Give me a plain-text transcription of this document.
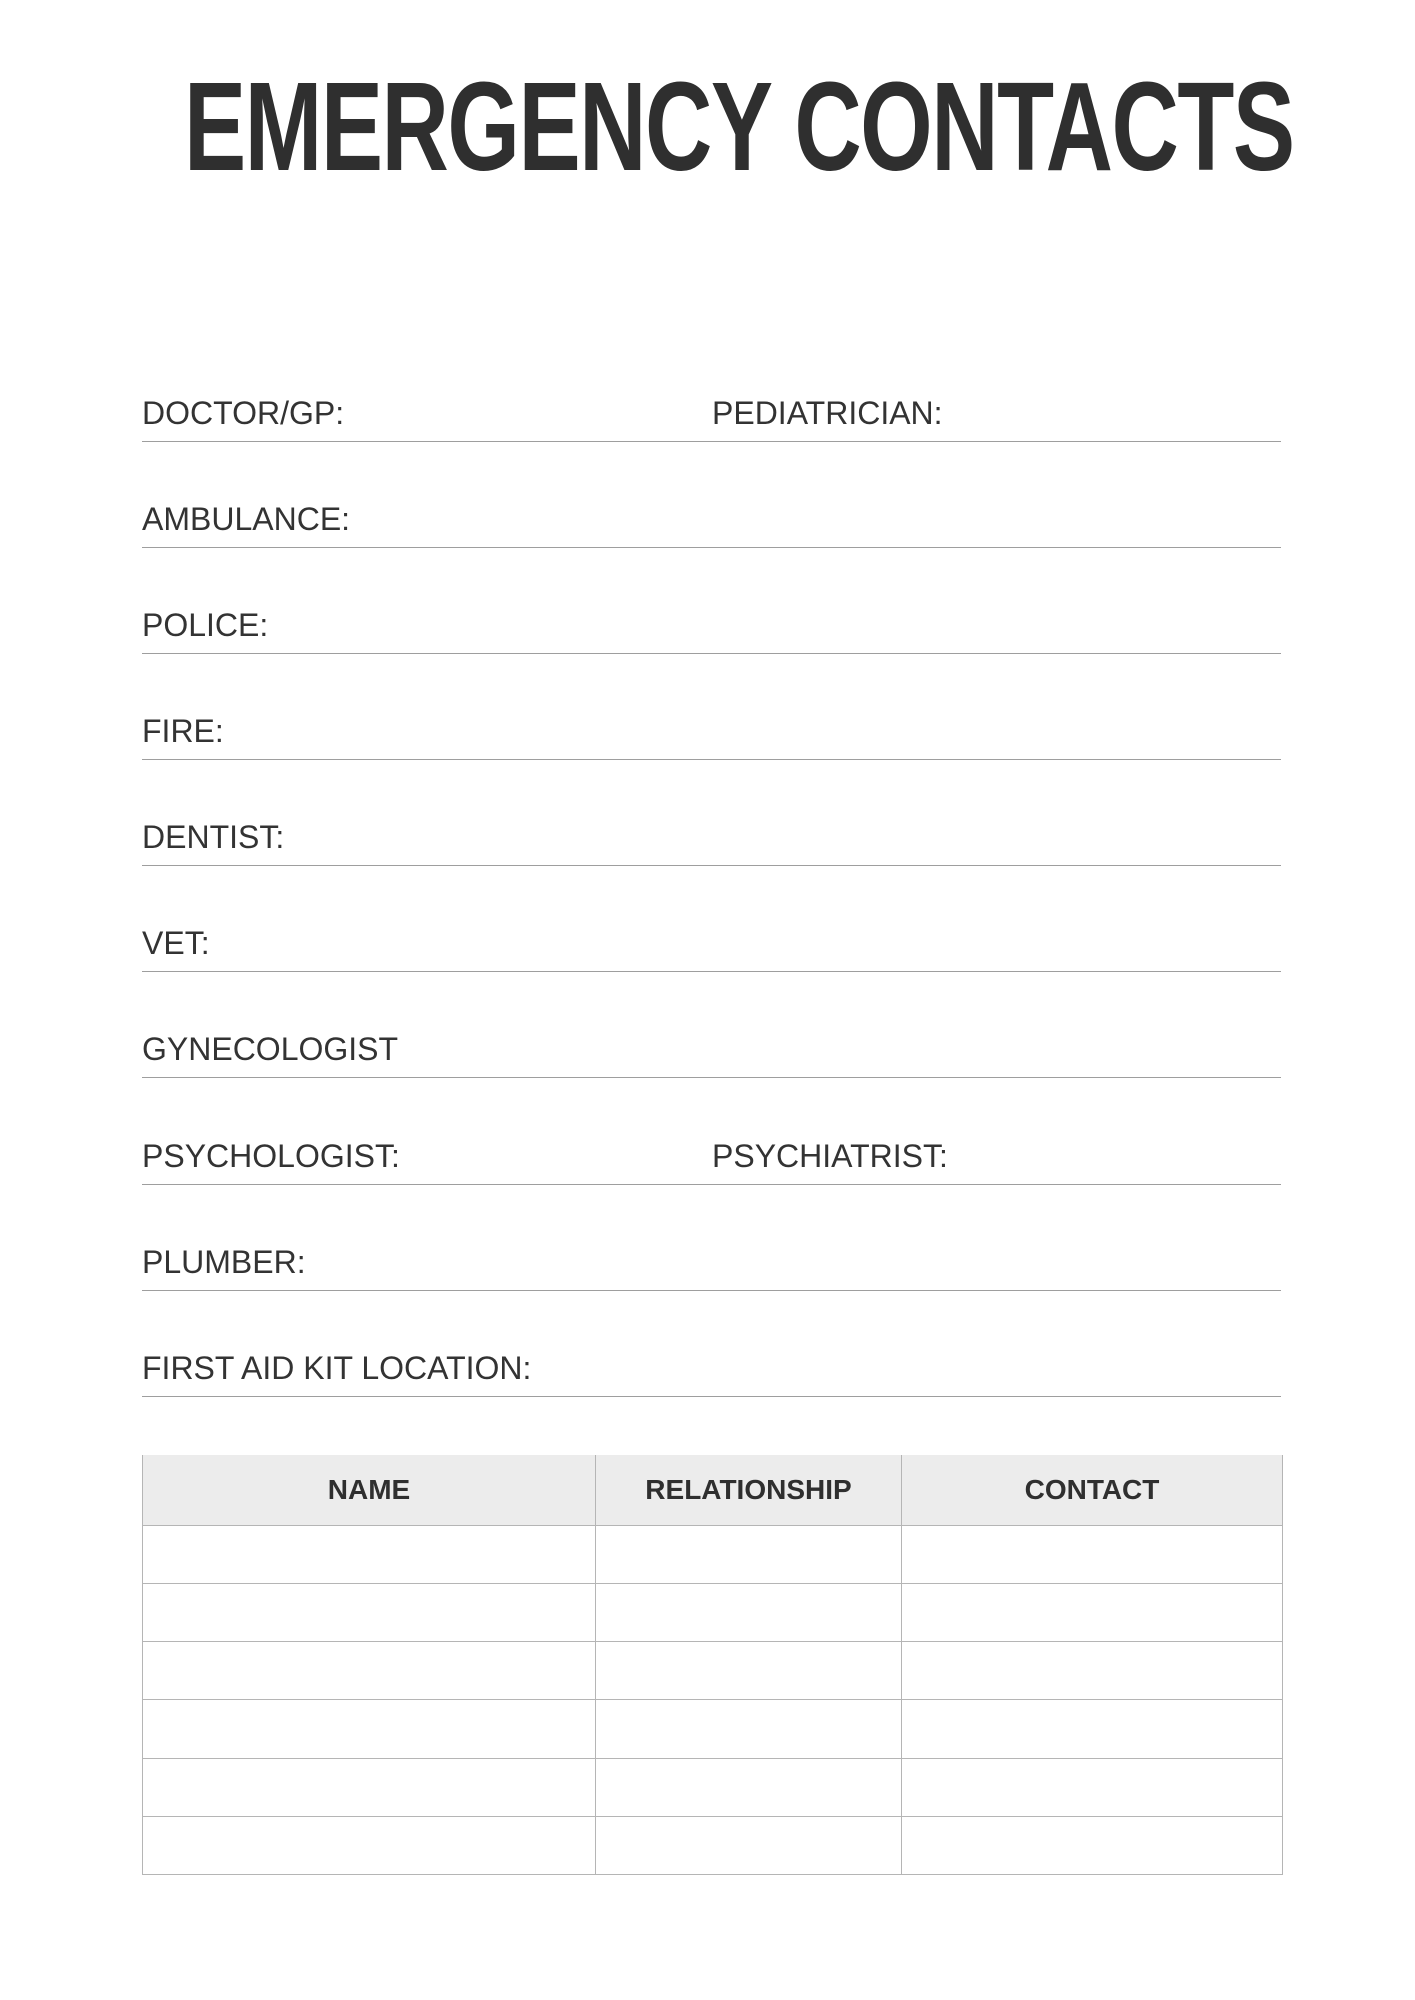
EMERGENCY CONTACTS
DOCTOR/GP:	PEDIATRICIAN:
AMBULANCE:
POLICE:
FIRE:
DENTIST:
VET:
GYNECOLOGIST
PSYCHOLOGIST:	PSYCHIATRIST:
PLUMBER:
FIRST AID KIT LOCATION:
NAME	RELATIONSHIP	CONTACT
